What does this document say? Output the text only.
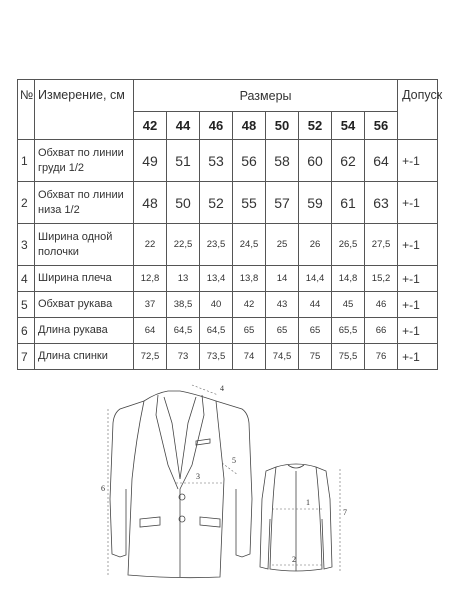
№	Измерение, см	Размеры								Допуск
		42	44	46	48	50	52	54	56	
1	Обхват по линии груди 1/2	49	51	53	56	58	60	62	64	+-1
2	Обхват по линии низа 1/2	48	50	52	55	57	59	61	63	+-1
3	Ширина одной полочки	22	22,5	23,5	24,5	25	26	26,5	27,5	+-1
4	Ширина плеча	12,8	13	13,4	13,8	14	14,4	14,8	15,2	+-1
5	Обхват рукава	37	38,5	40	42	43	44	45	46	+-1
6	Длина рукава	64	64,5	64,5	65	65	65	65,5	66	+-1
7	Длина спинки	72,5	73	73,5	74	74,5	75	75,5	76	+-1
1
2
3
4
5
6
7
